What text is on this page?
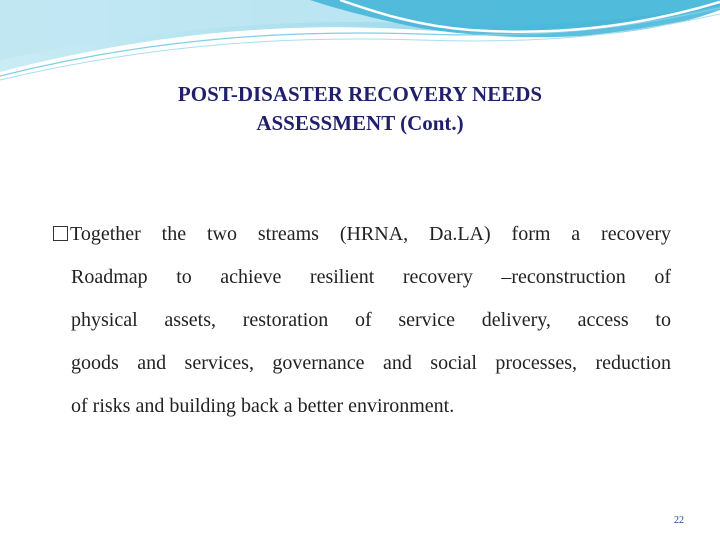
POST-DISASTER RECOVERY NEEDS
ASSESSMENT (Cont.)
Together the two streams (HRNA, Da.LA) form a recovery
Roadmap to achieve resilient recovery –reconstruction of
physical assets, restoration of service delivery, access to
goods and services, governance and social processes, reduction
of risks and building back a better environment.
22
